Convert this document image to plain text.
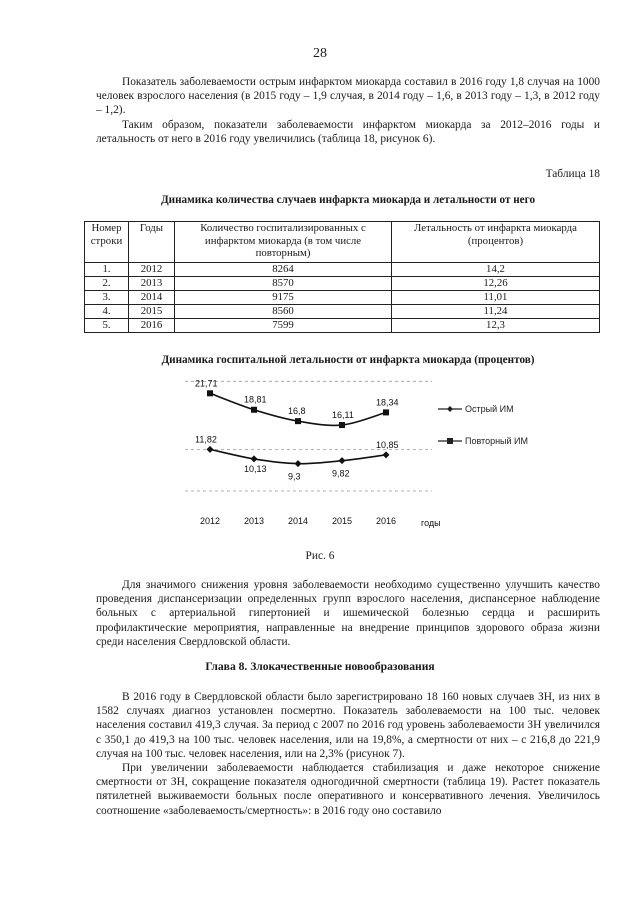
28

Показатель заболеваемости острым инфарктом миокарда составил в 2016 году 1,8 случая на 1000 человек взрослого населения (в 2015 году – 1,9 случая, в 2014 году – 1,6, в 2013 году – 1,3, в 2012 году – 1,2).

Таким образом, показатели заболеваемости инфарктом миокарда за 2012–2016 годы и летальность от него в 2016 году увеличились (таблица 18, рисунок 6).

Таблица 18
Динамика количества случаев инфаркта миокарда и летальности от него
Номер строки	Годы	Количество госпитализированных с инфарктом миокарда (в том числе повторным)	Летальность от инфаркта миокарда (процентов)
1.	2012	8264	14,2
2.	2013	8570	12,26
3.	2014	9175	11,01
4.	2015	8560	11,24
5.	2016	7599	12,3
Динамика госпитальной летальности от инфаркта миокарда (процентов)
11,82
10,13
9,3	9,82
10,85
21,71
18,81
16,8	16,11
18,34
2012	2013	2014	2015	2016	годы
Острый ИМ
Повторный ИМ
Рис. 6

Для значимого снижения уровня заболеваемости необходимо существенно улучшить качество проведения диспансеризации определенных групп взрослого населения, диспансерное наблюдение больных с артериальной гипертонией и ишемической болезнью сердца и расширить профилактические мероприятия, направленные на внедрение принципов здорового образа жизни среди населения Свердловской области.

Глава 8. Злокачественные новообразования

В 2016 году в Свердловской области было зарегистрировано 18 160 новых случаев ЗН, из них в 1582 случаях диагноз установлен посмертно. Показатель заболеваемости на 100 тыс. человек населения составил 419,3 случая. За период с 2007 по 2016 год уровень заболеваемости ЗН увеличился с 350,1 до 419,3 на 100 тыс. человек населения, или на 19,8%, а смертности от них – с 216,8 до 221,9 случая на 100 тыс. человек населения, или на 2,3% (рисунок 7).

При увеличении заболеваемости наблюдается стабилизация и даже некоторое снижение смертности от ЗН, сокращение показателя одногодичной смертности (таблица 19). Растет показатель пятилетней выживаемости больных после оперативного и консервативного лечения. Увеличилось соотношение «заболеваемость/смертность»: в 2016 году оно составило
